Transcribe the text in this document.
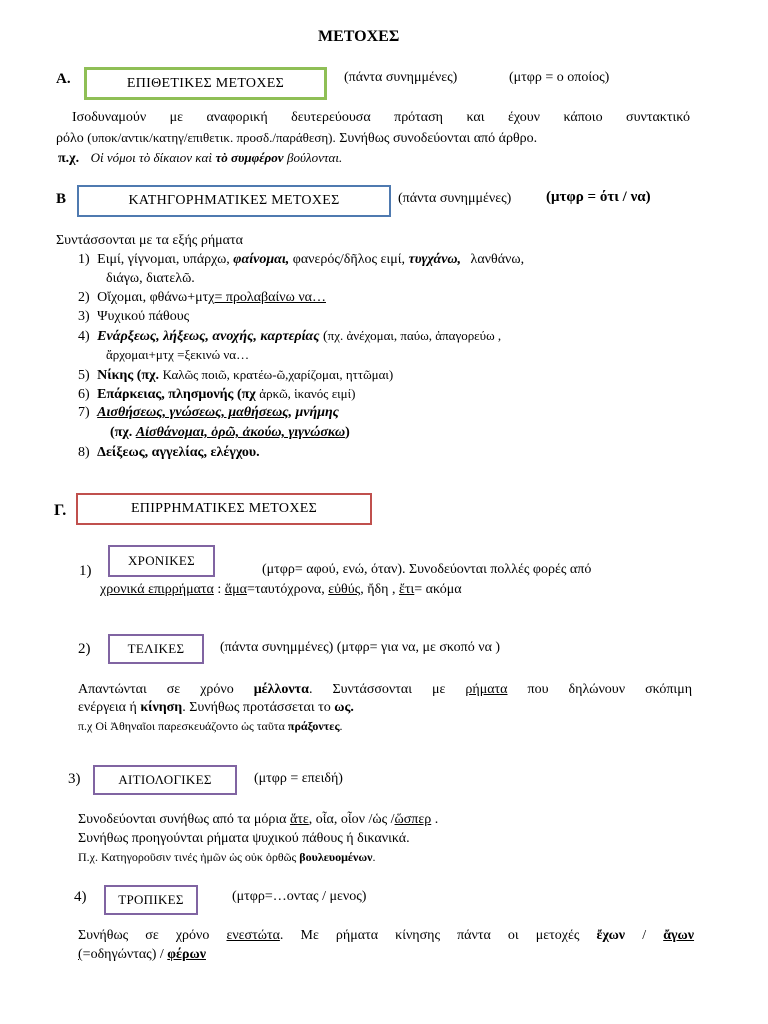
ΜΕΤΟΧΕΣ
Α.	ΕΠΙΘΕΤΙΚΕΣ ΜΕΤΟΧΕΣ	(πάντα συνημμένες)	(μτφρ = ο οποίος)
Ισοδυναμούν με αναφορική δευτερεύουσα πρόταση και έχουν κάποιο συντακτικό
ρόλο (υποκ/αντικ/κατηγ/επιθετικ. προσδ./παράθεση). Συνήθως συνοδεύονται από άρθρο.
π.χ. Οἱ νόμοι τὸ δίκαιον καὶ τὸ συμφέρον βούλονται.
Β	ΚΑΤΗΓΟΡΗΜΑΤΙΚΕΣ ΜΕΤΟΧΕΣ	(πάντα συνημμένες) (μτφρ = ότι / να)
Συντάσσονται με τα εξής ρήματα
1) Ειμί, γίγνομαι, υπάρχω, φαίνομαι, φανερός/δῆλος ειμί, τυγχάνω, λανθάνω,
διάγω, διατελῶ.
2) Οἴχομαι, φθάνω+μτχ= προλαβαίνω να…
3) Ψυχικού πάθους
4) Ενάρξεως, λήξεως, ανοχής, καρτερίας (πχ. ἀνέχομαι, παύω, ἀπαγορεύω ,
ἄρχομαι+μτχ =ξεκινώ να…
5) Νίκης (πχ. Καλῶς ποιῶ, κρατέω-ῶ,χαρίζομαι, ηττῶμαι)
6) Επάρκειας, πλησμονής (πχ ἀρκῶ, ἱκανός ειμί)
7) Αισθήσεως, γνώσεως, μαθήσεως, μνήμης
(πχ. Αἰσθάνομαι, ὁρῶ, ἀκούω, γιγνώσκω)
8) Δείξεως, αγγελίας, ελέγχου.
Γ.	ΕΠΙΡΡΗΜΑΤΙΚΕΣ ΜΕΤΟΧΕΣ
1)
ΧΡΟΝΙΚΕΣ
(μτφρ= αφού, ενώ, όταν). Συνοδεύονται πολλές φορές από
χρονικά επιρρήματα : ἅμα=ταυτόχρονα, εὐθύς, ἤδη , ἔτι= ακόμα
2)	ΤΕΛΙΚΕΣ	(πάντα συνημμένες) (μτφρ= για να, με σκοπό να )
Απαντώνται σε χρόνο μέλλοντα. Συντάσσονται με ρήματα που δηλώνουν σκόπιμη
ενέργεια ή κίνηση. Συνήθως προτάσσεται το ως.
π.χ Οἱ Ἀθηναῖοι παρεσκευάζοντο ὡς ταῦτα πράξοντες.
3)	ΑΙΤΙΟΛΟΓΙΚΕΣ	(μτφρ = επειδή)
Συνοδεύονται συνήθως από τα μόρια ἅτε, οἷα, οἷον /ὡς /ὥσπερ .
Συνήθως προηγούνται ρήματα ψυχικού πάθους ή δικανικά.
Π.χ. Κατηγοροῦσιν τινές ἡμῶν ὡς οὐκ ὀρθῶς βουλευομένων.
4) ΤΡΟΠΙΚΕΣ	(μτφρ=…οντας / μενος)
Συνήθως σε χρόνο ενεστώτα. Με ρήματα κίνησης πάντα οι μετοχές ἔχων / ἄγων
(=οδηγώντας) / φέρων
